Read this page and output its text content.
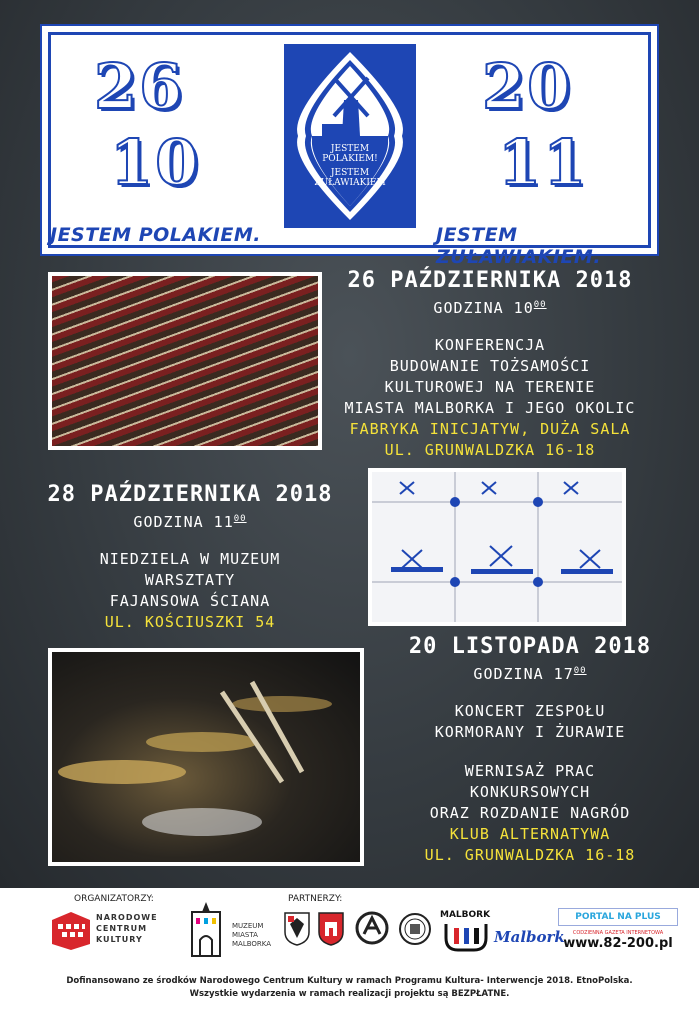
26
10
20
11
JESTEM
POLAKIEM!
JESTEM
ŻUŁAWIAKIEM
JESTEM POLAKIEM.	JESTEM ŻUŁAWIAKIEM.
26 PAŹDZIERNIKA 2018
GODZINA $10^{00}$
KONFERENCJA
BUDOWANIE TOŻSAMOŚCI
KULTUROWEJ NA TERENIE
MIASTA MALBORKA I JEGO OKOLIC
FABRYKA INICJATYW, DUŻA SALA
UL. GRUNWALDZKA 16-18
28 PAŹDZIERNIKA 2018
GODZINA $11^{00}$
NIEDZIELA W MUZEUM
WARSZTATY
FAJANSOWA ŚCIANA
UL. KOŚCIUSZKI 54
20 LISTOPADA 2018
GODZINA $17^{00}$
KONCERT ZESPOŁU
KORMORANY I ŻURAWIE
WERNISAŻ PRAC
KONKURSOWYCH
ORAZ ROZDANIE NAGRÓD
KLUB ALTERNATYWA
UL. GRUNWALDZKA 16-18
ORGANIZATORZY:	PARTNERZY:
NARODOWE
CENTRUM
KULTURY
MUZEUM
MIASTA
MALBORKA
MALBORK
Malbork
PORTAL NA PLUS
CODZIENNA GAZETA INTERNETOWA
www.82-200.pl
Dofinansowano ze środków Narodowego Centrum Kultury w ramach Programu Kultura- Interwencje 2018. EtnoPolska.
Wszystkie wydarzenia w ramach realizacji projektu są BEZPŁATNE.
